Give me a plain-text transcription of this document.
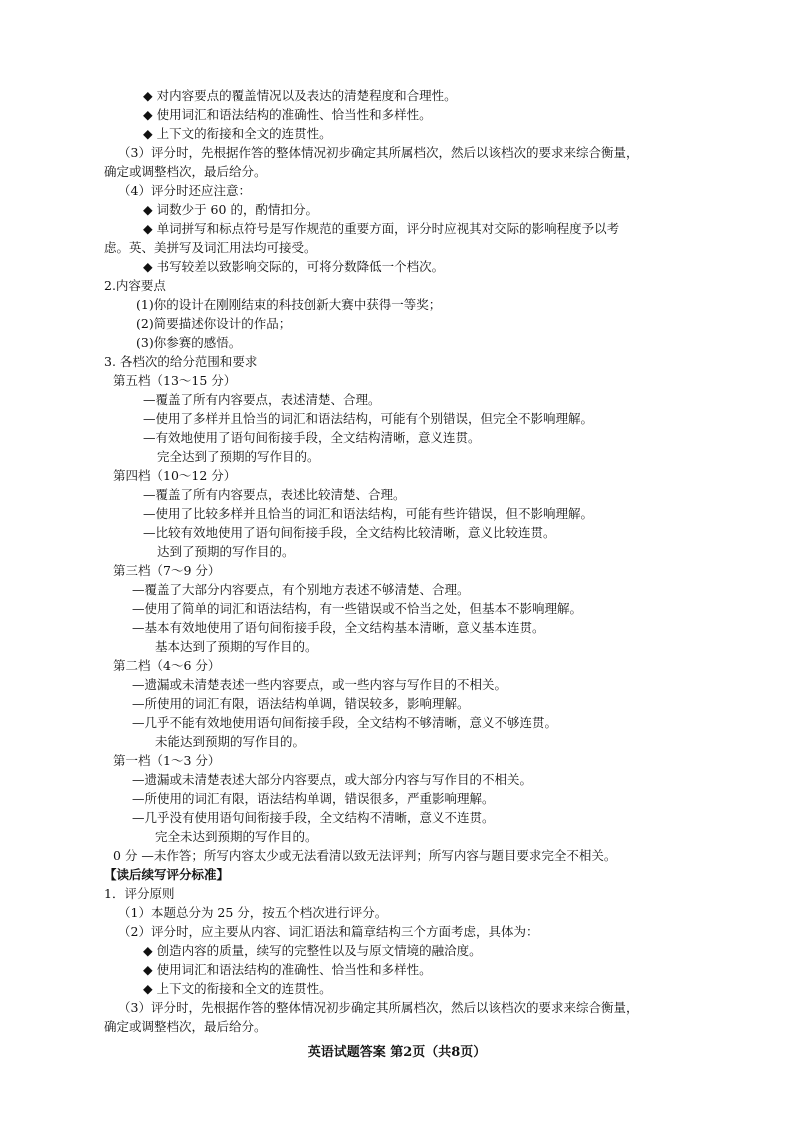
◆ 对内容要点的覆盖情况以及表达的清楚程度和合理性。
◆ 使用词汇和语法结构的准确性、恰当性和多样性。
◆ 上下文的衔接和全文的连贯性。
（3）评分时，先根据作答的整体情况初步确定其所属档次，然后以该档次的要求来综合衡量，
确定或调整档次，最后给分。
（4）评分时还应注意：
◆ 词数少于 60 的，酌情扣分。
◆ 单词拼写和标点符号是写作规范的重要方面，评分时应视其对交际的影响程度予以考
虑。英、美拼写及词汇用法均可接受。
◆ 书写较差以致影响交际的，可将分数降低一个档次。
2.内容要点
(1)你的设计在刚刚结束的科技创新大赛中获得一等奖；
(2)简要描述你设计的作品；
(3)你参赛的感悟。
3. 各档次的给分范围和要求
第五档（13～15 分）
—覆盖了所有内容要点，表述清楚、合理。
—使用了多样并且恰当的词汇和语法结构，可能有个别错误，但完全不影响理解。
—有效地使用了语句间衔接手段，全文结构清晰，意义连贯。
完全达到了预期的写作目的。
第四档（10～12 分）
—覆盖了所有内容要点，表述比较清楚、合理。
—使用了比较多样并且恰当的词汇和语法结构，可能有些许错误，但不影响理解。
—比较有效地使用了语句间衔接手段，全文结构比较清晰，意义比较连贯。
达到了预期的写作目的。
第三档（7～9 分）
—覆盖了大部分内容要点，有个别地方表述不够清楚、合理。
—使用了简单的词汇和语法结构，有一些错误或不恰当之处，但基本不影响理解。
—基本有效地使用了语句间衔接手段，全文结构基本清晰，意义基本连贯。
基本达到了预期的写作目的。
第二档（4～6 分）
—遗漏或未清楚表述一些内容要点，或一些内容与写作目的不相关。
—所使用的词汇有限，语法结构单调，错误较多，影响理解。
—几乎不能有效地使用语句间衔接手段，全文结构不够清晰，意义不够连贯。
未能达到预期的写作目的。
第一档（1～3 分）
—遗漏或未清楚表述大部分内容要点，或大部分内容与写作目的不相关。
—所使用的词汇有限，语法结构单调，错误很多，严重影响理解。
—几乎没有使用语句间衔接手段，全文结构不清晰，意义不连贯。
完全未达到预期的写作目的。
0 分 —未作答；所写内容太少或无法看清以致无法评判；所写内容与题目要求完全不相关。
【读后续写评分标准】
1．评分原则
（1）本题总分为 25 分，按五个档次进行评分。
（2）评分时，应主要从内容、词汇语法和篇章结构三个方面考虑，具体为：
◆ 创造内容的质量，续写的完整性以及与原文情境的融洽度。
◆ 使用词汇和语法结构的准确性、恰当性和多样性。
◆ 上下文的衔接和全文的连贯性。
（3）评分时，先根据作答的整体情况初步确定其所属档次，然后以该档次的要求来综合衡量，
确定或调整档次，最后给分。
英语试题答案 第2页（共8页）
